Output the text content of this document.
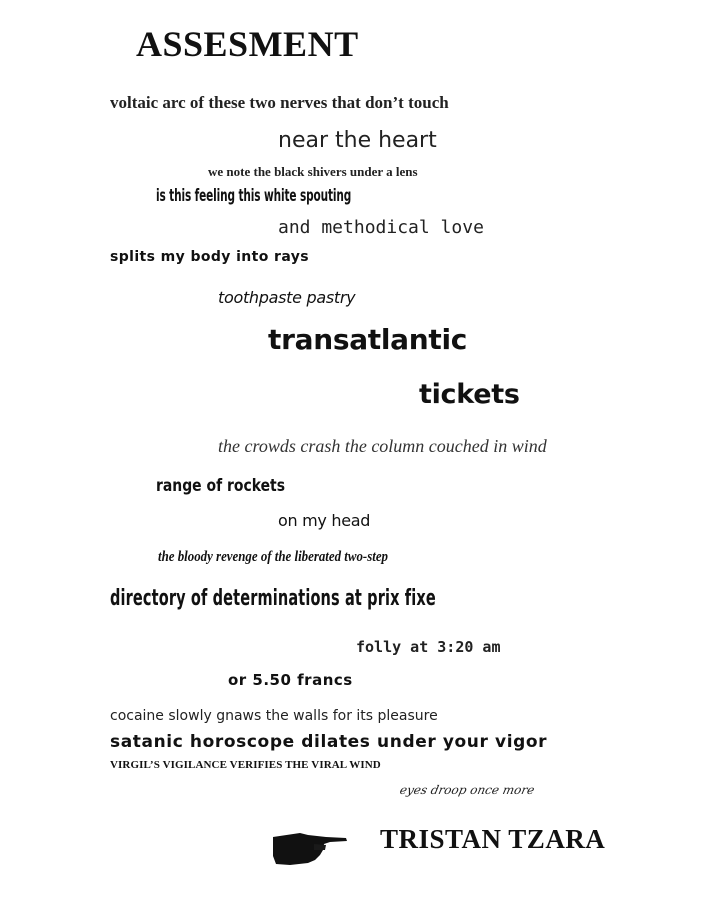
ASSESMENT

voltaic arc of these two nerves that don’t touch

near the heart

we note the black shivers under a lens

is this feeling this white spouting

and methodical love

splits my body into rays

toothpaste pastry

transatlantic

tickets

the crowds crash the column couched in wind

range of rockets

on my head

the bloody revenge of the liberated two-step

directory of determinations at prix fixe

folly at 3:20 am

or 5.50 francs

cocaine slowly gnaws the walls for its pleasure

satanic horoscope dilates under your vigor

VIRGIL’S VIGILANCE VERIFIES THE VIRAL WIND

eyes droop once more

TRISTAN TZARA
